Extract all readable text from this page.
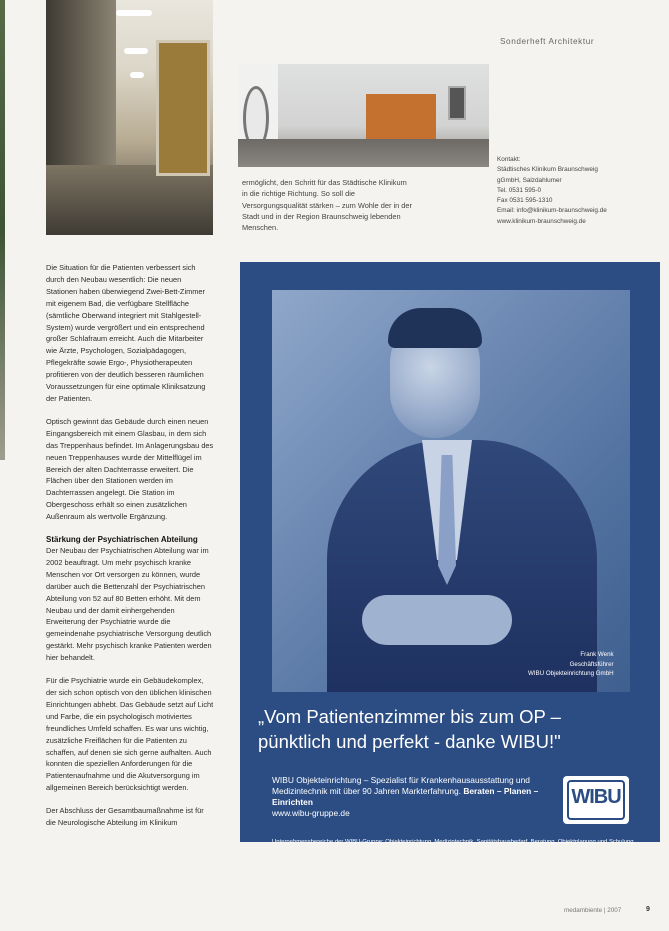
Sonderheft Architektur
ermöglicht, den Schritt für das Städtische Klinikum in die richtige Richtung. So soll die Versorgungsqualität stärken – zum Wohle der in der Stadt und in der Region Braunschweig lebenden Menschen.
Kontakt:
Städtisches Klinikum Braunschweig
gGmbH, Salzdahlumer
Tel. 0531 595-0
Fax 0531 595-1310
Email: info@klinikum-braunschweig.de
www.klinikum-braunschweig.de

Die Situation für die Patienten verbessert sich durch den Neubau wesentlich: Die neuen Stationen haben überwiegend Zwei-Bett-Zimmer mit eigenem Bad, die verfügbare Stellfläche (sämtliche Oberwand integriert mit Stahlgestell-System) wurde vergrößert und ein entsprechend großer Schlafraum erreicht. Auch die Mitarbeiter wie Ärzte, Psychologen, Sozialpädagogen, Pflegekräfte sowie Ergo-, Physiotherapeuten profitieren von der deutlich besseren räumlichen Voraussetzungen für eine optimale Kliniksatzung der Patienten.

Optisch gewinnt das Gebäude durch einen neuen Eingangsbereich mit einem Glasbau, in dem sich das Treppenhaus befindet. Im Anlagerungsbau des neuen Treppenhauses wurde der Mittelflügel im Bereich der alten Dachterrasse erweitert. Die Flächen über den Stationen werden im Dachterrassen angelegt. Die Station im Obergeschoss erhält so einen zusätzlichen Außenraum als wertvolle Ergänzung.

Stärkung der Psychiatrischen Abteilung

Der Neubau der Psychiatrischen Abteilung war im 2002 beauftragt. Um mehr psychisch kranke Menschen vor Ort versorgen zu können, wurde darüber auch die Bettenzahl der Psychiatrischen Abteilung von 52 auf 80 Betten erhöht. Mit dem Neubau und der damit einhergehenden Erweiterung der Psychiatrie wurde die gemeindenahe psychiatrische Versorgung deutlich gestärkt. Mehr psychisch kranke Patienten werden hier behandelt.

Für die Psychiatrie wurde ein Gebäudekomplex, der sich schon optisch von den üblichen klinischen Einrichtungen abhebt. Das Gebäude setzt auf Licht und Farbe, die ein psychologisch motiviertes freundliches Umfeld schaffen. Es war uns wichtig, zusätzliche Freiflächen für die Patienten zu schaffen, auf denen sie sich gerne aufhalten. Auch konnten die speziellen Anforderungen für die Patientenaufnahme und die Akutversorgung im allgemeinen Bereich berücksichtigt werden.

Der Abschluss der Gesamtbaumaßnahme ist für die Neurologische Abteilung im Klinikum

Frank Wenk
Geschäftsführer
WIBU Objekteinrichtung GmbH
„Vom Patientenzimmer bis zum OP –
pünktlich und perfekt - danke WIBU!"
WIBU Objekteinrichtung – Spezialist für Krankenhausausstattung und Medizintechnik mit über 90 Jahren Markterfahrung. Beraten – Planen – Einrichten
www.wibu-gruppe.de
WIBU
Unternehmensbereiche der WIBU-Gruppe: Objekteinrichtung, Medizintechnik, Sanitätshausbedarf, Beratung, Objektplanung und Schulung.
medambiente | 2007	9
